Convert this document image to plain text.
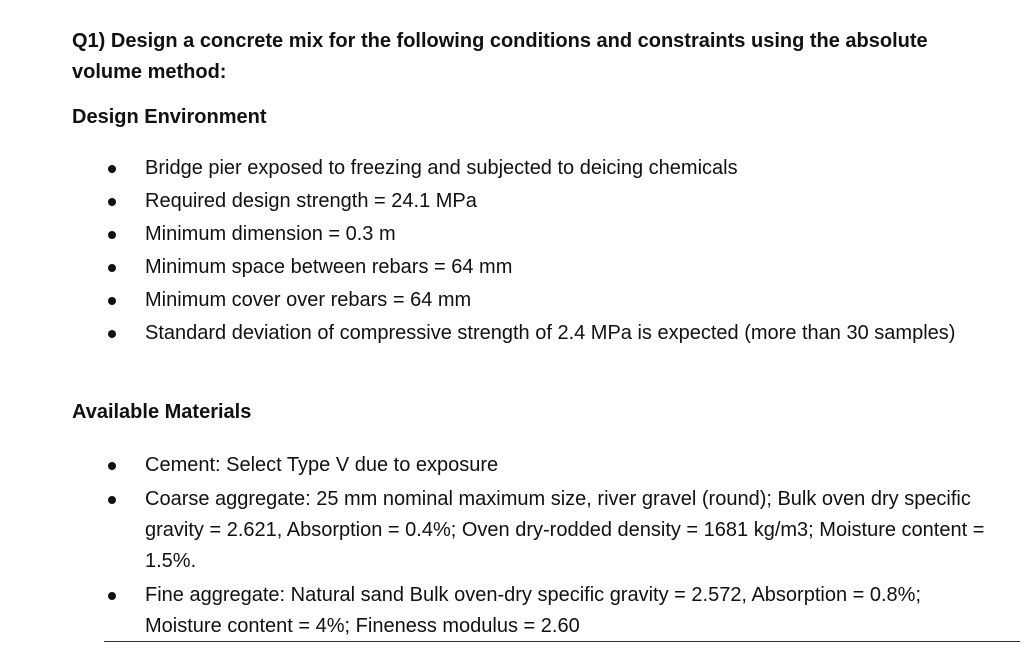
Q1) Design a concrete mix for the following conditions and constraints using the absolute volume method:
Design Environment
Bridge pier exposed to freezing and subjected to deicing chemicals
Required design strength = 24.1 MPa
Minimum dimension = 0.3 m
Minimum space between rebars = 64 mm
Minimum cover over rebars = 64 mm
Standard deviation of compressive strength of 2.4 MPa is expected (more than 30 samples)
Available Materials
Cement: Select Type V due to exposure
Coarse aggregate: 25 mm nominal maximum size, river gravel (round); Bulk oven dry specific gravity = 2.621, Absorption = 0.4%; Oven dry-rodded density = 1681 kg/m3; Moisture content = 1.5%.
Fine aggregate: Natural sand Bulk oven-dry specific gravity = 2.572, Absorption = 0.8%; Moisture content = 4%; Fineness modulus = 2.60
